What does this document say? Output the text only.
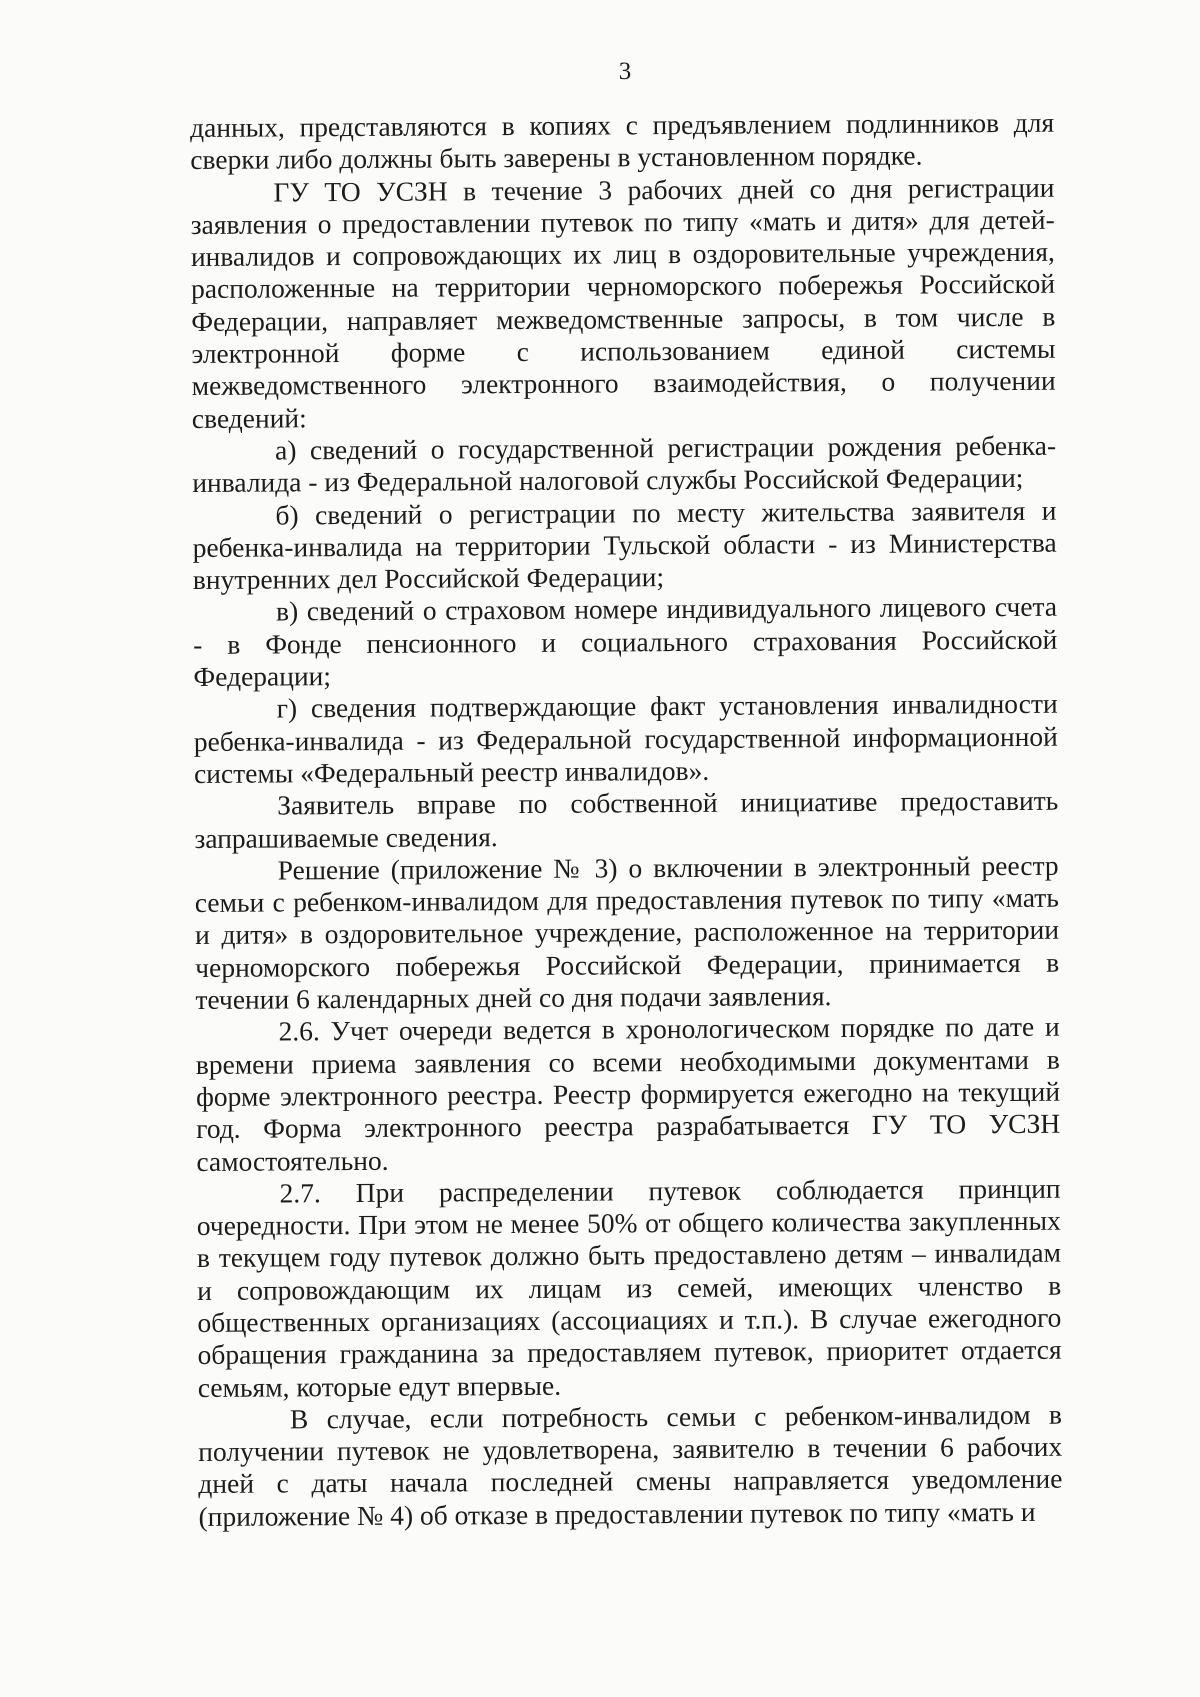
3

данных, представляются в копиях с предъявлением подлинников для сверки либо должны быть заверены в установленном порядке.

ГУ ТО УСЗН в течение 3 рабочих дней со дня регистрации заявления о предоставлении путевок по типу «мать и дитя» для детей-инвалидов и сопровождающих их лиц в оздоровительные учреждения, расположенные на территории черноморского побережья Российской Федерации, направляет межведомственные запросы, в том числе в электронной форме с использованием единой системы межведомственного электронного взаимодействия, о получении сведений:

а) сведений о государственной регистрации рождения ребенка-инвалида - из Федеральной налоговой службы Российской Федерации;

б) сведений о регистрации по месту жительства заявителя и ребенка-инвалида на территории Тульской области - из Министерства внутренних дел Российской Федерации;

в) сведений о страховом номере индивидуального лицевого счета - в Фонде пенсионного и социального страхования Российской Федерации;

г) сведения подтверждающие факт установления инвалидности ребенка-инвалида - из Федеральной государственной информационной системы «Федеральный реестр инвалидов».

Заявитель вправе по собственной инициативе предоставить запрашиваемые сведения.

Решение (приложение № 3) о включении в электронный реестр семьи с ребенком-инвалидом для предоставления путевок по типу «мать и дитя» в оздоровительное учреждение, расположенное на территории черноморского побережья Российской Федерации, принимается в течении 6 календарных дней со дня подачи заявления.

2.6. Учет очереди ведется в хронологическом порядке по дате и времени приема заявления со всеми необходимыми документами в форме электронного реестра. Реестр формируется ежегодно на текущий год. Форма электронного реестра разрабатывается ГУ ТО УСЗН самостоятельно.

2.7. При распределении путевок соблюдается принцип очередности. При этом не менее 50% от общего количества закупленных в текущем году путевок должно быть предоставлено детям – инвалидам и сопровождающим их лицам из семей, имеющих членство в общественных организациях (ассоциациях и т.п.). В случае ежегодного обращения гражданина за предоставляем путевок, приоритет отдается семьям, которые едут впервые.

В случае, если потребность семьи с ребенком-инвалидом в получении путевок не удовлетворена, заявителю в течении 6 рабочих дней с даты начала последней смены направляется уведомление (приложение № 4) об отказе в предоставлении путевок по типу «мать и
